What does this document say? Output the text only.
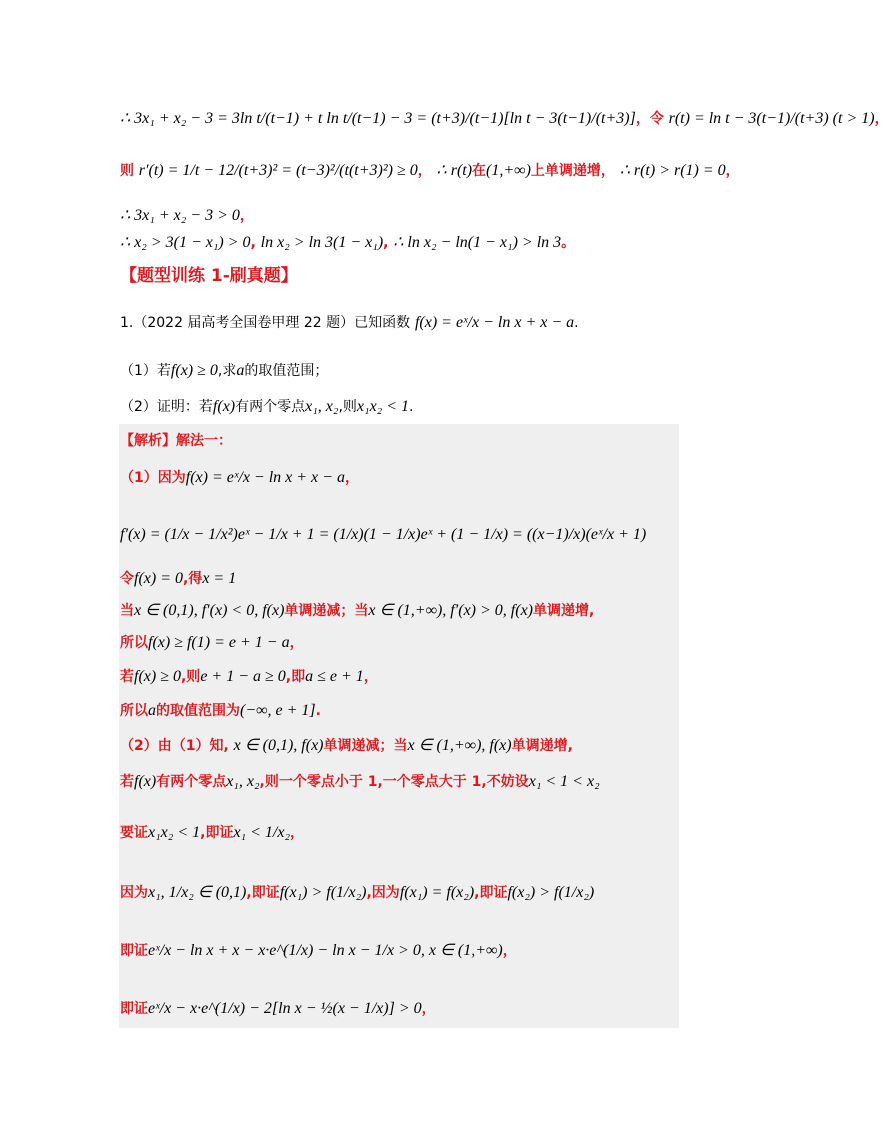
∴ 3x₁ + x₂ − 3 = 3ln t/(t−1) + t ln t/(t−1) − 3 = (t+3)/(t−1)[ln t − 3(t−1)/(t+3)]，令 r(t) = ln t − 3(t−1)/(t+3) (t > 1)，
则 r′(t) = 1/t − 12/(t+3)² = (t−3)²/(t(t+3)²) ≥ 0， ∴ r(t)在(1,+∞)上单调递增， ∴ r(t) > r(1) = 0，
∴ 3x₁ + x₂ − 3 > 0，
∴ x₂ > 3(1 − x₁) > 0, ln x₂ > ln 3(1 − x₁), ∴ ln x₂ − ln(1 − x₁) > ln 3。
【题型训练 1-刷真题】
1.（2022 届高考全国卷甲理 22 题）已知函数 f(x) = eˣ/x − ln x + x − a.
（1）若f(x) ≥ 0,求a的取值范围；
（2）证明：若f(x)有两个零点x₁, x₂,则x₁x₂ < 1.
【解析】解法一：
（1）因为f(x) = eˣ/x − ln x + x − a，
f′(x) = (1/x − 1/x²)eˣ − 1/x + 1 = (1/x)(1 − 1/x)eˣ + (1 − 1/x) = ((x−1)/x)(eˣ/x + 1)
令f(x) = 0,得x = 1
当x ∈ (0,1), f′(x) < 0, f(x)单调递减；当x ∈ (1,+∞), f′(x) > 0, f(x)单调递增,
所以f(x) ≥ f(1) = e + 1 − a，
若f(x) ≥ 0,则e + 1 − a ≥ 0,即a ≤ e + 1，
所以a的取值范围为(−∞, e + 1].
（2）由（1）知, x ∈ (0,1), f(x)单调递减；当x ∈ (1,+∞), f(x)单调递增,
若f(x)有两个零点x₁, x₂,则一个零点小于 1,一个零点大于 1,不妨设x₁ < 1 < x₂
要证x₁x₂ < 1,即证x₁ < 1/x₂，
因为x₁, 1/x₂ ∈ (0,1),即证f(x₁) > f(1/x₂),因为f(x₁) = f(x₂),即证f(x₂) > f(1/x₂)
即证eˣ/x − ln x + x − x·e^(1/x) − ln x − 1/x > 0, x ∈ (1,+∞)，
即证eˣ/x − x·e^(1/x) − 2[ln x − ½(x − 1/x)] > 0，
